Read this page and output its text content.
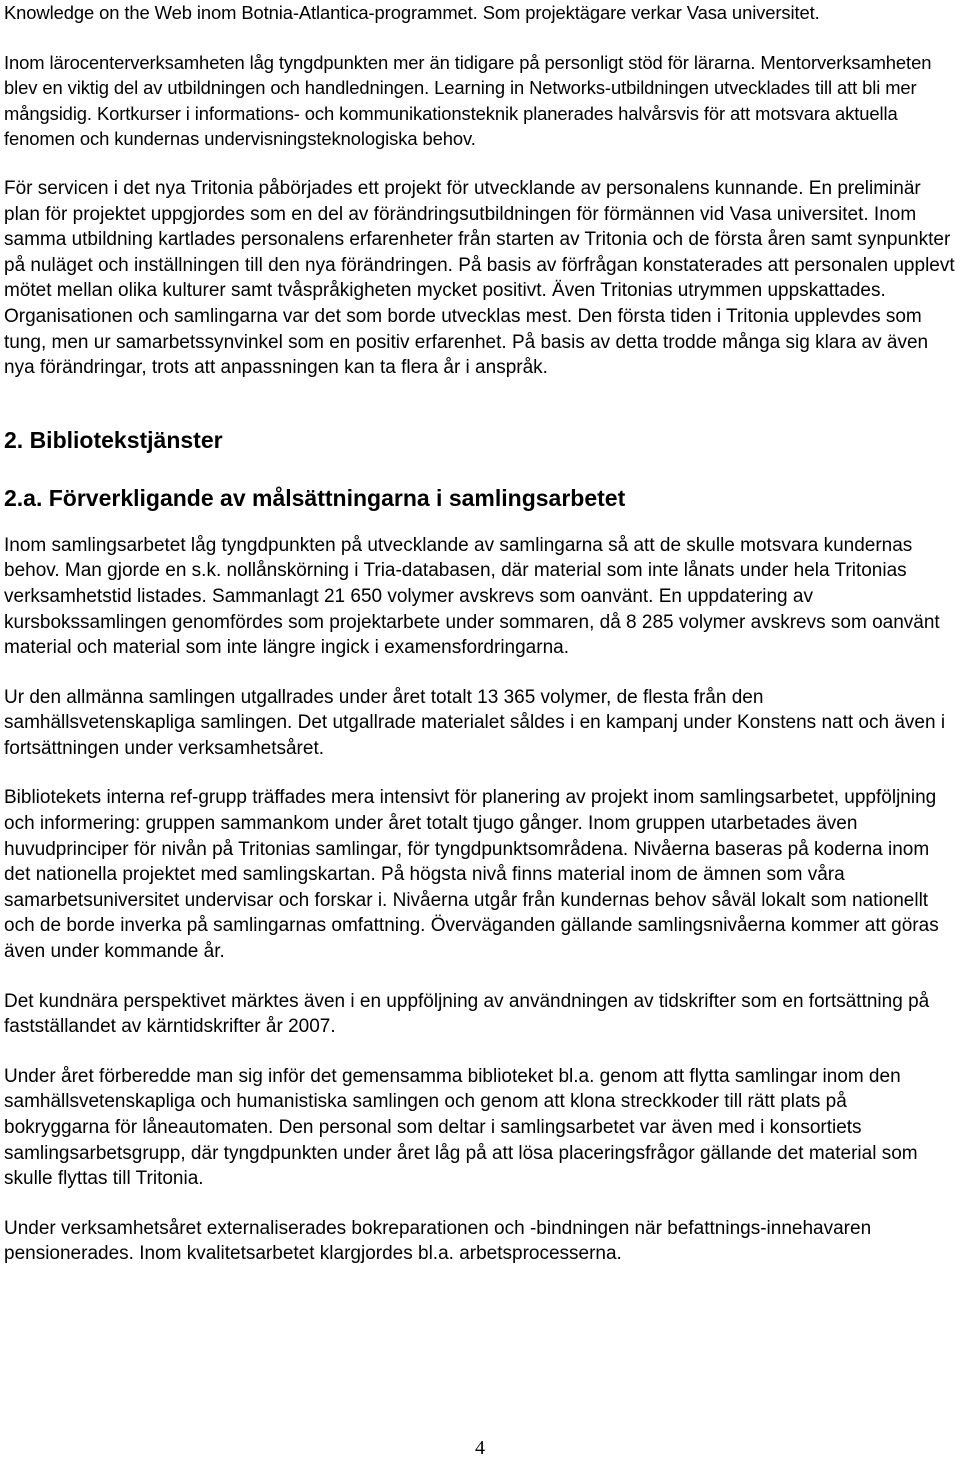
Knowledge on the Web inom Botnia-Atlantica-programmet. Som projektägare verkar Vasa universitet.

Inom lärocenterverksamheten låg tyngdpunkten mer än tidigare på personligt stöd för lärarna. Mentorverksamheten blev en viktig del av utbildningen och handledningen. Learning in Networks-utbildningen utvecklades till att bli mer mångsidig. Kortkurser i informations- och kommunikationsteknik planerades halvårsvis för att motsvara aktuella fenomen och kundernas undervisningsteknologiska behov.

För servicen i det nya Tritonia påbörjades ett projekt för utvecklande av personalens kunnande. En preliminär plan för projektet uppgjordes som en del av förändringsutbildningen för förmännen vid Vasa universitet. Inom samma utbildning kartlades personalens erfarenheter från starten av Tritonia och de första åren samt synpunkter på nuläget och inställningen till den nya förändringen. På basis av förfrågan konstaterades att personalen upplevt mötet mellan olika kulturer samt tvåspråkigheten mycket positivt. Även Tritonias utrymmen uppskattades. Organisationen och samlingarna var det som borde utvecklas mest. Den första tiden i Tritonia upplevdes som tung, men ur samarbetssynvinkel som en positiv erfarenhet. På basis av detta trodde många sig klara av även nya förändringar, trots att anpassningen kan ta flera år i anspråk.

2. Bibliotekstjänster
2.a. Förverkligande av målsättningarna i samlingsarbetet

Inom samlingsarbetet låg tyngdpunkten på utvecklande av samlingarna så att de skulle motsvara kundernas behov. Man gjorde en s.k. nollånskörning i Tria-databasen, där material som inte lånats under hela Tritonias verksamhetstid listades. Sammanlagt 21 650 volymer avskrevs som oanvänt. En uppdatering av kursbokssamlingen genomfördes som projektarbete under sommaren, då 8 285 volymer avskrevs som oanvänt material och material som inte längre ingick i examensfordringarna.

Ur den allmänna samlingen utgallrades under året totalt 13 365 volymer, de flesta från den samhällsvetenskapliga samlingen. Det utgallrade materialet såldes i en kampanj under Konstens natt och även i fortsättningen under verksamhetsåret.

Bibliotekets interna ref-grupp träffades mera intensivt för planering av projekt inom samlingsarbetet, uppföljning och informering: gruppen sammankom under året totalt tjugo gånger. Inom gruppen utarbetades även huvudprinciper för nivån på Tritonias samlingar, för tyngdpunktsområdena. Nivåerna baseras på koderna inom det nationella projektet med samlingskartan. På högsta nivå finns material inom de ämnen som våra samarbetsuniversitet undervisar och forskar i. Nivåerna utgår från kundernas behov såväl lokalt som nationellt och de borde inverka på samlingarnas omfattning. Överväganden gällande samlingsnivåerna kommer att göras även under kommande år.

Det kundnära perspektivet märktes även i en uppföljning av användningen av tidskrifter som en fortsättning på fastställandet av kärntidskrifter år 2007.

Under året förberedde man sig inför det gemensamma biblioteket bl.a. genom att flytta samlingar inom den samhällsvetenskapliga och humanistiska samlingen och genom att klona streckkoder till rätt plats på bokryggarna för låneautomaten. Den personal som deltar i samlingsarbetet var även med i konsortiets samlingsarbetsgrupp, där tyngdpunkten under året låg på att lösa placeringsfrågor gällande det material som skulle flyttas till Tritonia.

Under verksamhetsåret externaliserades bokreparationen och -bindningen när befattnings-innehavaren pensionerades. Inom kvalitetsarbetet klargjordes bl.a. arbetsprocesserna.

4
